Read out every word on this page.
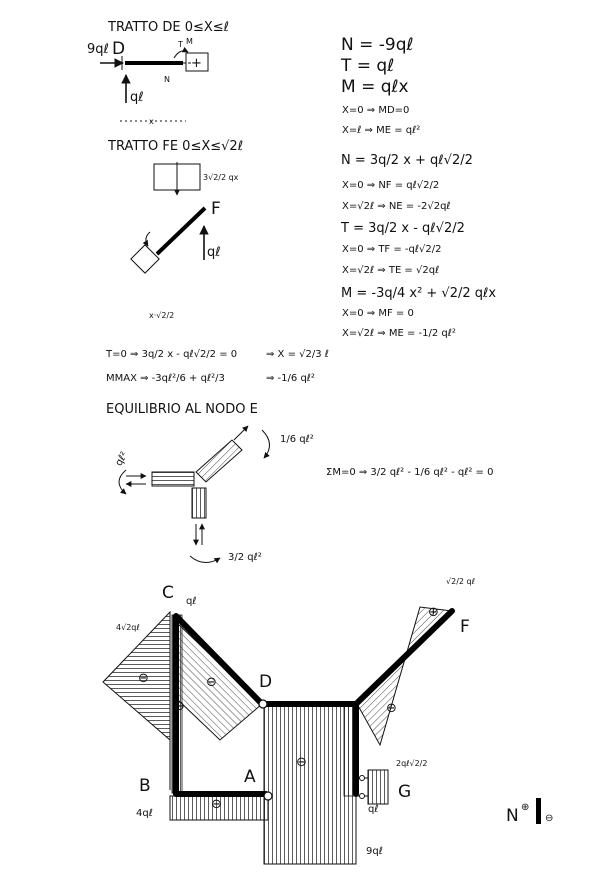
TRATTO DE 0≤X≤ℓ
9qℓ D
+
T
N
M
qℓ
x
TRATTO FE 0≤X≤√2ℓ
3√2/2 qx
F
qℓ
x·√2/2
T=0 ⇒ 3q/2 x - qℓ√2/2 = 0	⇒ X = √2/3 ℓ
MMAX ⇒ -3qℓ²/6 + qℓ²/3	⇒ -1/6 qℓ²
EQUILIBRIO AL NODO E
qℓ²
1/6 qℓ²
3/2 qℓ²
ΣM=0 ⇒ 3/2 qℓ² - 1/6 qℓ² - qℓ² = 0
N = -9qℓ
T = qℓ
M = qℓx
X=0 ⇒ MD=0
X=ℓ ⇒ ME = qℓ²
N = 3q/2 x + qℓ√2/2
X=0 ⇒ NF = qℓ√2/2
X=√2ℓ ⇒ NE = -2√2qℓ
T = 3q/2 x - qℓ√2/2
X=0 ⇒ TF = -qℓ√2/2
X=√2ℓ ⇒ TE = √2qℓ
M = -3q/4 x² + √2/2 qℓx
X=0 ⇒ MF = 0
X=√2ℓ ⇒ ME = -1/2 qℓ²
C
D
B	A
F
G
qℓ
4√2qℓ
4qℓ	qℓ
9qℓ
√2/2 qℓ
2qℓ√2/2
⊖	⊖
⊖
⊖
⊖
⊖
⊕
N ⊕
⊖
